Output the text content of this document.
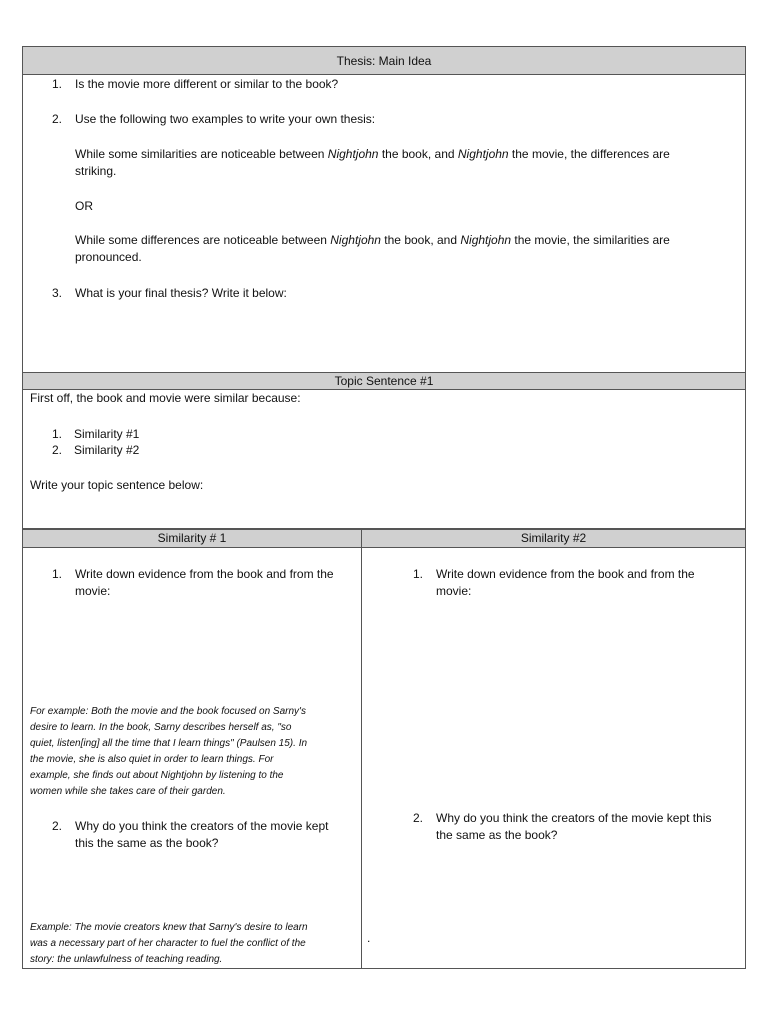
Thesis: Main Idea
1. Is the movie more different or similar to the book?
2. Use the following two examples to write your own thesis:
While some similarities are noticeable between Nightjohn the book, and Nightjohn the movie, the differences are
striking.
OR
While some differences are noticeable between Nightjohn the book, and Nightjohn the movie, the similarities are
pronounced.
3. What is your final thesis? Write it below:
Topic Sentence #1
First off, the book and movie were similar because:
1. Similarity #1
2. Similarity #2
Write your topic sentence below:
Similarity # 1	Similarity #2
1. Write down evidence from the book and from the
movie:
For example: Both the movie and the book focused on Sarny's
desire to learn. In the book, Sarny describes herself as, "so
quiet, listen[ing] all the time that I learn things" (Paulsen 15). In
the movie, she is also quiet in order to learn things. For
example, she finds out about Nightjohn by listening to the
women while she takes care of their garden.
2. Why do you think the creators of the movie kept
this the same as the book?
Example: The movie creators knew that Sarny's desire to learn
was a necessary part of her character to fuel the conflict of the
story: the unlawfulness of teaching reading.
1. Write down evidence from the book and from the
movie:
2. Why do you think the creators of the movie kept this
the same as the book?
.
